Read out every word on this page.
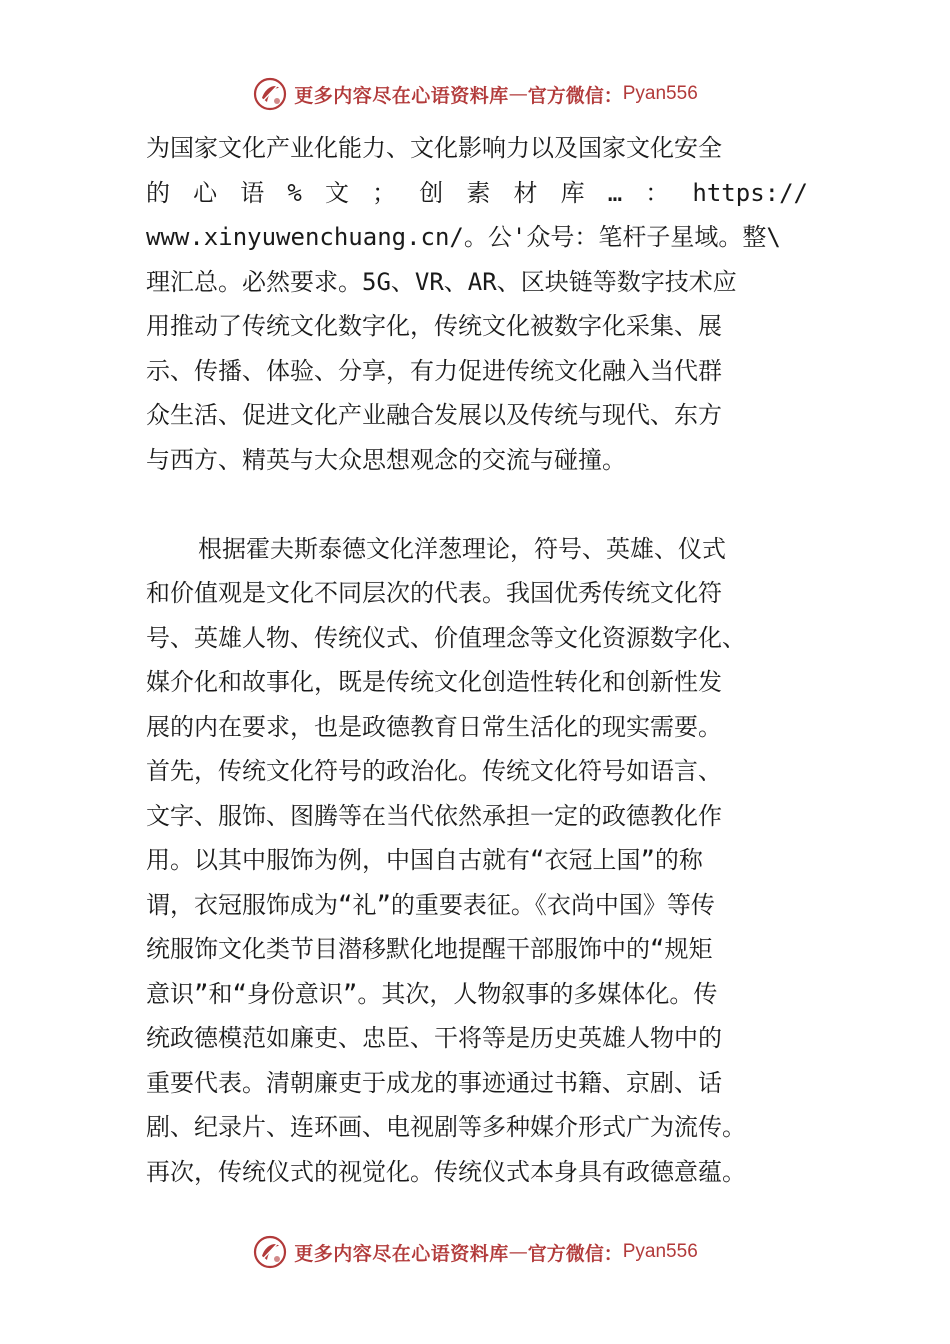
更多内容尽在心语资料库 — 官方微信： Pyan556
为国家文化产业化能力、文化影响力以及国家文化安全
的 心 语 % 文 ； 创 素 材 库 … ： https://
www.xinyuwenchuang.cn/。公'众号：笔杆子星域。整\
理汇总。必然要求。5G、VR、AR、区块链等数字技术应
用推动了传统文化数字化，传统文化被数字化采集、展
示、传播、体验、分享，有力促进传统文化融入当代群
众生活、促进文化产业融合发展以及传统与现代、东方
与西方、精英与大众思想观念的交流与碰撞。
根据霍夫斯泰德文化洋葱理论，符号、英雄、仪式
和价值观是文化不同层次的代表。我国优秀传统文化符
号、英雄人物、传统仪式、价值理念等文化资源数字化、
媒介化和故事化，既是传统文化创造性转化和创新性发
展的内在要求，也是政德教育日常生活化的现实需要。
首先，传统文化符号的政治化。传统文化符号如语言、
文字、服饰、图腾等在当代依然承担一定的政德教化作
用。以其中服饰为例，中国自古就有“衣冠上国”的称
谓，衣冠服饰成为“礼”的重要表征。《衣尚中国》等传
统服饰文化类节目潜移默化地提醒干部服饰中的“规矩
意识”和“身份意识”。其次，人物叙事的多媒体化。传
统政德模范如廉吏、忠臣、干将等是历史英雄人物中的
重要代表。清朝廉吏于成龙的事迹通过书籍、京剧、话
剧、纪录片、连环画、电视剧等多种媒介形式广为流传。
再次，传统仪式的视觉化。传统仪式本身具有政德意蕴。
更多内容尽在心语资料库 — 官方微信： Pyan556
